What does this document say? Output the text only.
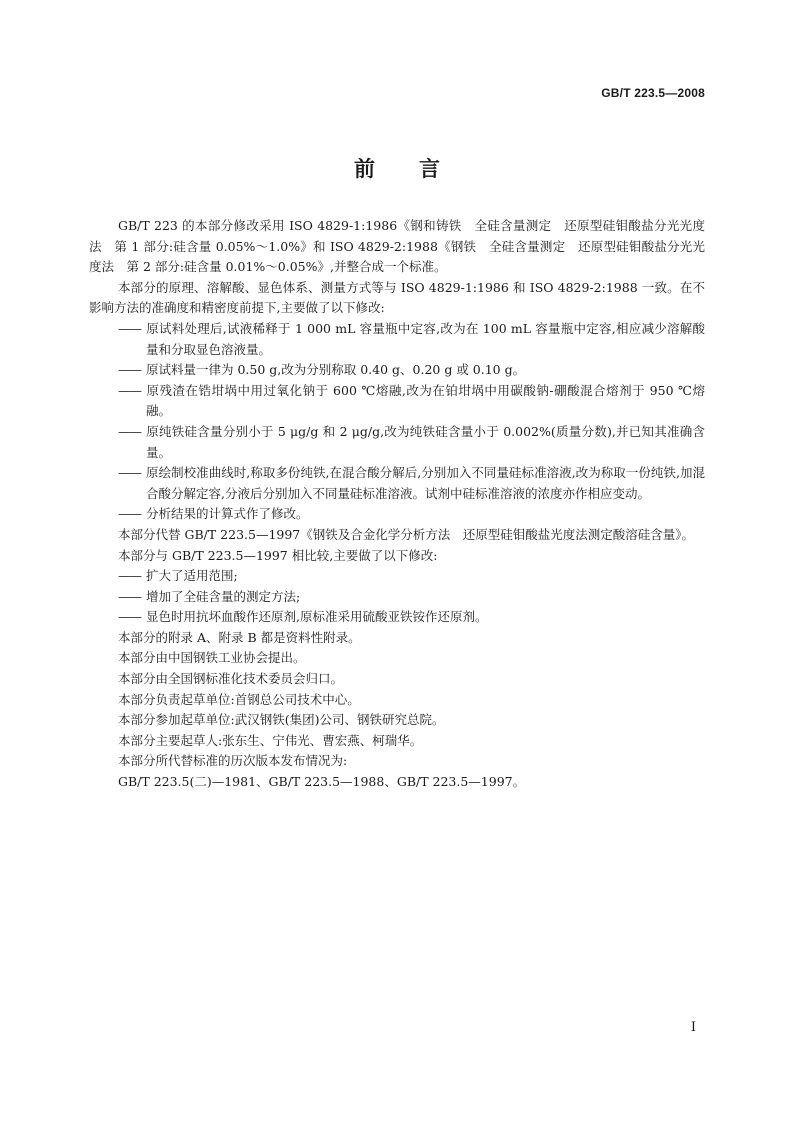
GB/T 223.5—2008
前言

GB/T 223 的本部分修改采用 ISO 4829-1:1986《钢和铸铁　全硅含量测定　还原型硅钼酸盐分光光度法　第 1 部分:硅含量 0.05%～1.0%》和 ISO 4829-2:1988《钢铁　全硅含量测定　还原型硅钼酸盐分光光度法　第 2 部分:硅含量 0.01%～0.05%》,并整合成一个标准。

本部分的原理、溶解酸、显色体系、测量方式等与 ISO 4829-1:1986 和 ISO 4829-2:1988 一致。在不影响方法的准确度和精密度前提下,主要做了以下修改:

—— 原试料处理后,试液稀释于 1 000 mL 容量瓶中定容,改为在 100 mL 容量瓶中定容,相应减少溶解酸量和分取显色溶液量。

—— 原试料量一律为 0.50 g,改为分别称取 0.40 g、0.20 g 或 0.10 g。

—— 原残渣在锆坩埚中用过氧化钠于 600 ℃熔融,改为在铂坩埚中用碳酸钠-硼酸混合熔剂于 950 ℃熔融。

—— 原纯铁硅含量分别小于 5 μg/g 和 2 μg/g,改为纯铁硅含量小于 0.002%(质量分数),并已知其准确含量。

—— 原绘制校准曲线时,称取多份纯铁,在混合酸分解后,分别加入不同量硅标准溶液,改为称取一份纯铁,加混合酸分解定容,分液后分别加入不同量硅标准溶液。试剂中硅标准溶液的浓度亦作相应变动。

—— 分析结果的计算式作了修改。

本部分代替 GB/T 223.5—1997《钢铁及合金化学分析方法　还原型硅钼酸盐光度法测定酸溶硅含量》。

本部分与 GB/T 223.5—1997 相比较,主要做了以下修改:

—— 扩大了适用范围;

—— 增加了全硅含量的测定方法;

—— 显色时用抗坏血酸作还原剂,原标准采用硫酸亚铁铵作还原剂。

本部分的附录 A、附录 B 都是资料性附录。

本部分由中国钢铁工业协会提出。

本部分由全国钢标准化技术委员会归口。

本部分负责起草单位:首钢总公司技术中心。

本部分参加起草单位:武汉钢铁(集团)公司、钢铁研究总院。

本部分主要起草人:张东生、宁伟光、曹宏燕、柯瑞华。

本部分所代替标准的历次版本发布情况为:

GB/T 223.5(二)—1981、GB/T 223.5—1988、GB/T 223.5—1997。

I
